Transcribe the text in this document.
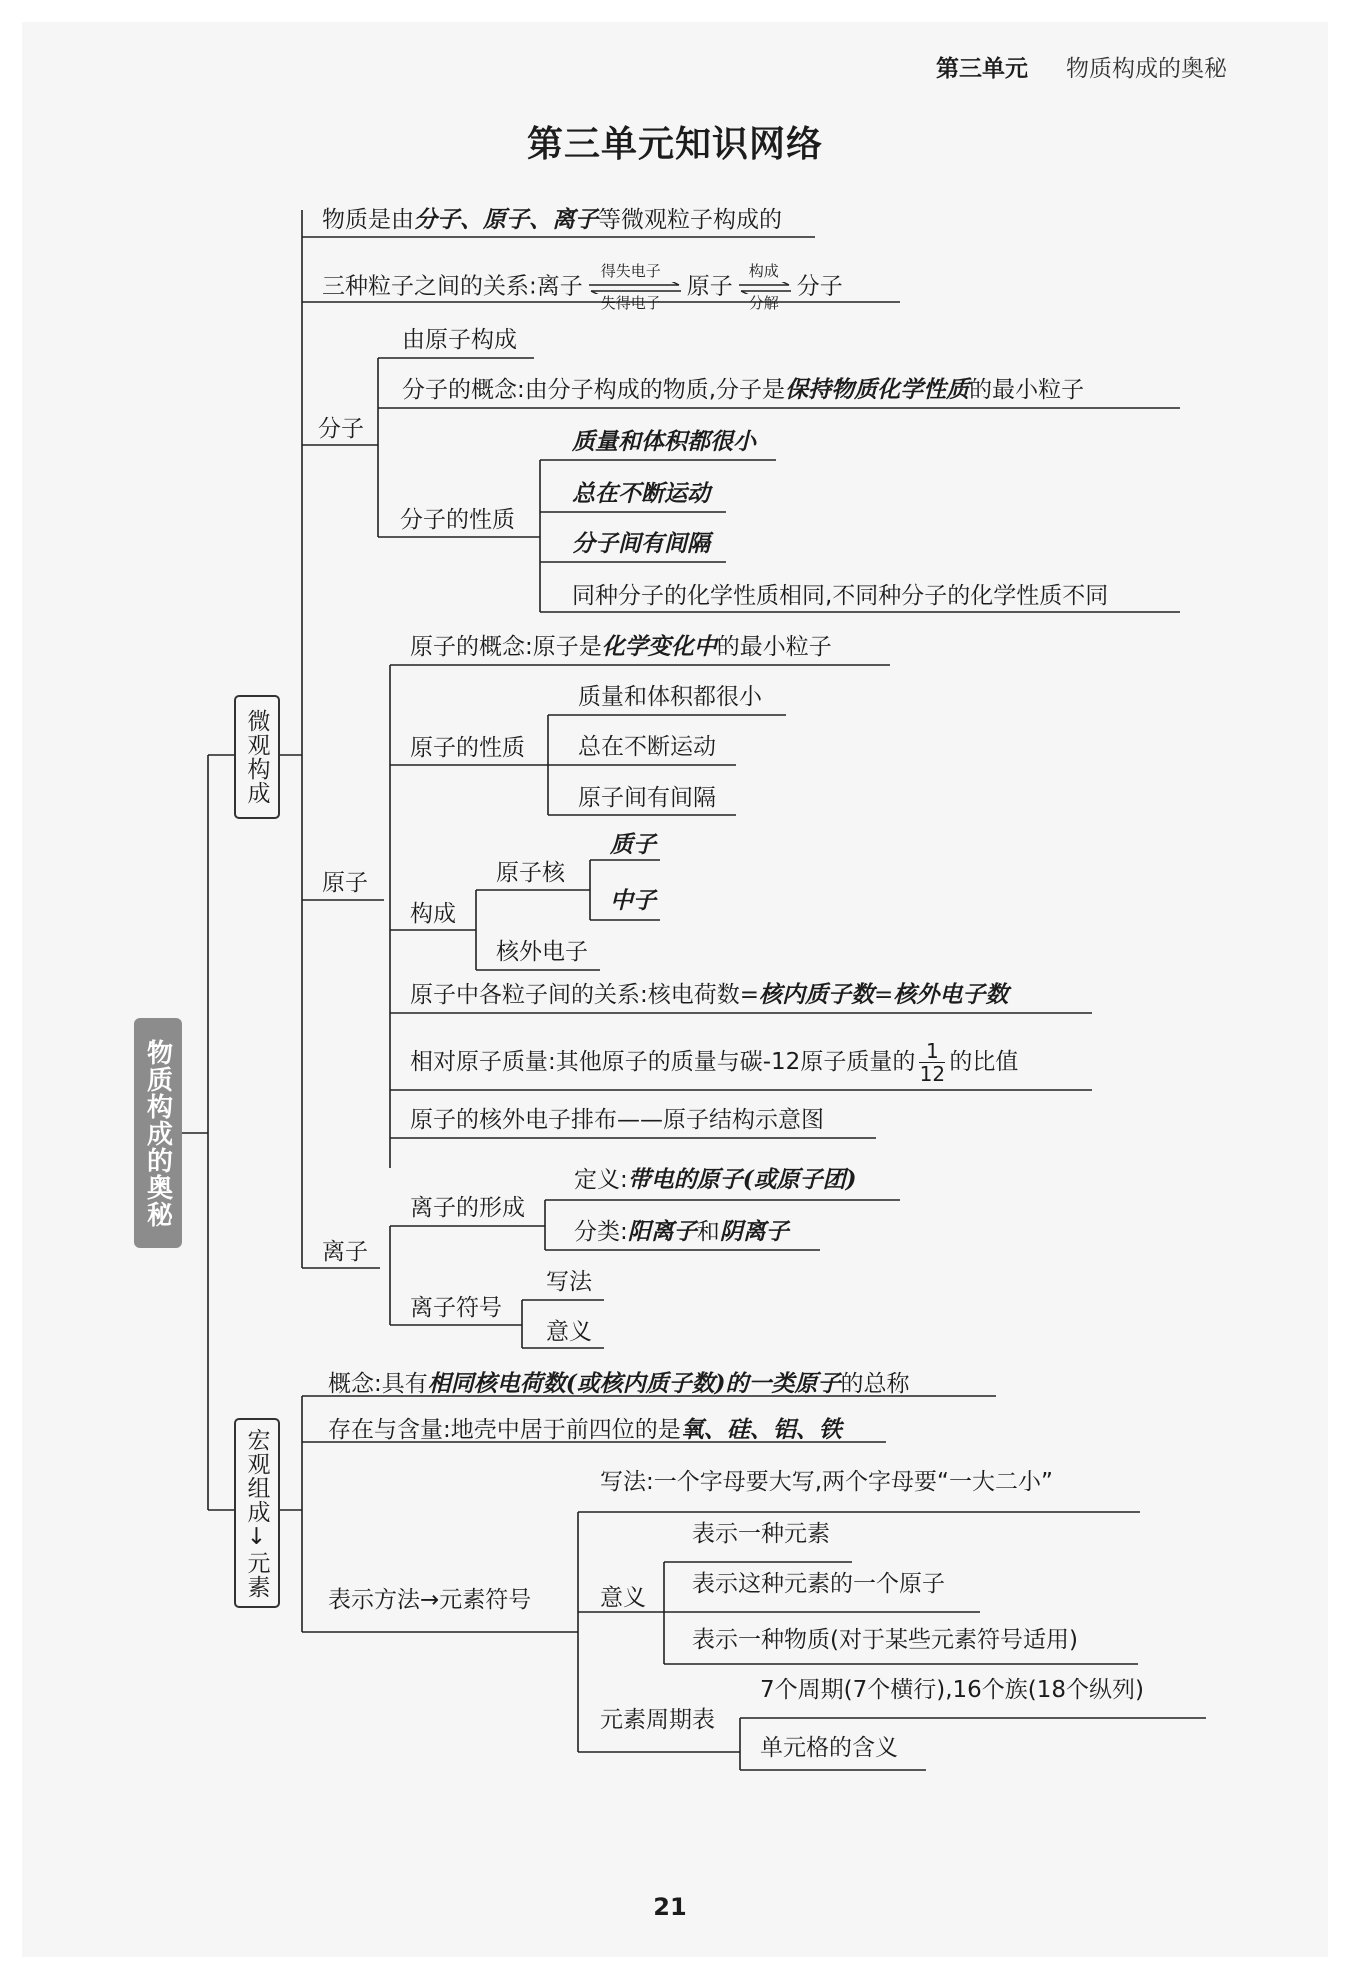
第三单元 物质构成的奥秘
第三单元知识网络
物质构成的奥秘
微观构成
宏观组成↓元素
物质是由分子、原子、离子等微观粒子构成的
三种粒子之间的关系:离子
得失电子
失得电子
原子
构成
分解
分子
分子
由原子构成
分子的概念:由分子构成的物质,分子是保持物质化学性质的最小粒子
分子的性质
质量和体积都很小
总在不断运动
分子间有间隔
同种分子的化学性质相同,不同种分子的化学性质不同
原子
原子的概念:原子是化学变化中的最小粒子
原子的性质
质量和体积都很小
总在不断运动
原子间有间隔
构成
原子核
质子
中子
核外电子
原子中各粒子间的关系:核电荷数=核内质子数=核外电子数
相对原子质量:其他原子的质量与碳-12原子质量的 $\frac{1}{12}$ 的比值
原子的核外电子排布——原子结构示意图
离子
离子的形成
定义:带电的原子(或原子团)
分类:阳离子和阴离子
离子符号
写法
意义
概念:具有相同核电荷数(或核内质子数)的一类原子的总称
存在与含量:地壳中居于前四位的是氧、硅、铝、铁
表示方法→元素符号
写法:一个字母要大写,两个字母要“一大二小”
意义
表示一种元素
表示这种元素的一个原子
表示一种物质(对于某些元素符号适用)
元素周期表
7个周期(7个横行),16个族(18个纵列)
单元格的含义
21
